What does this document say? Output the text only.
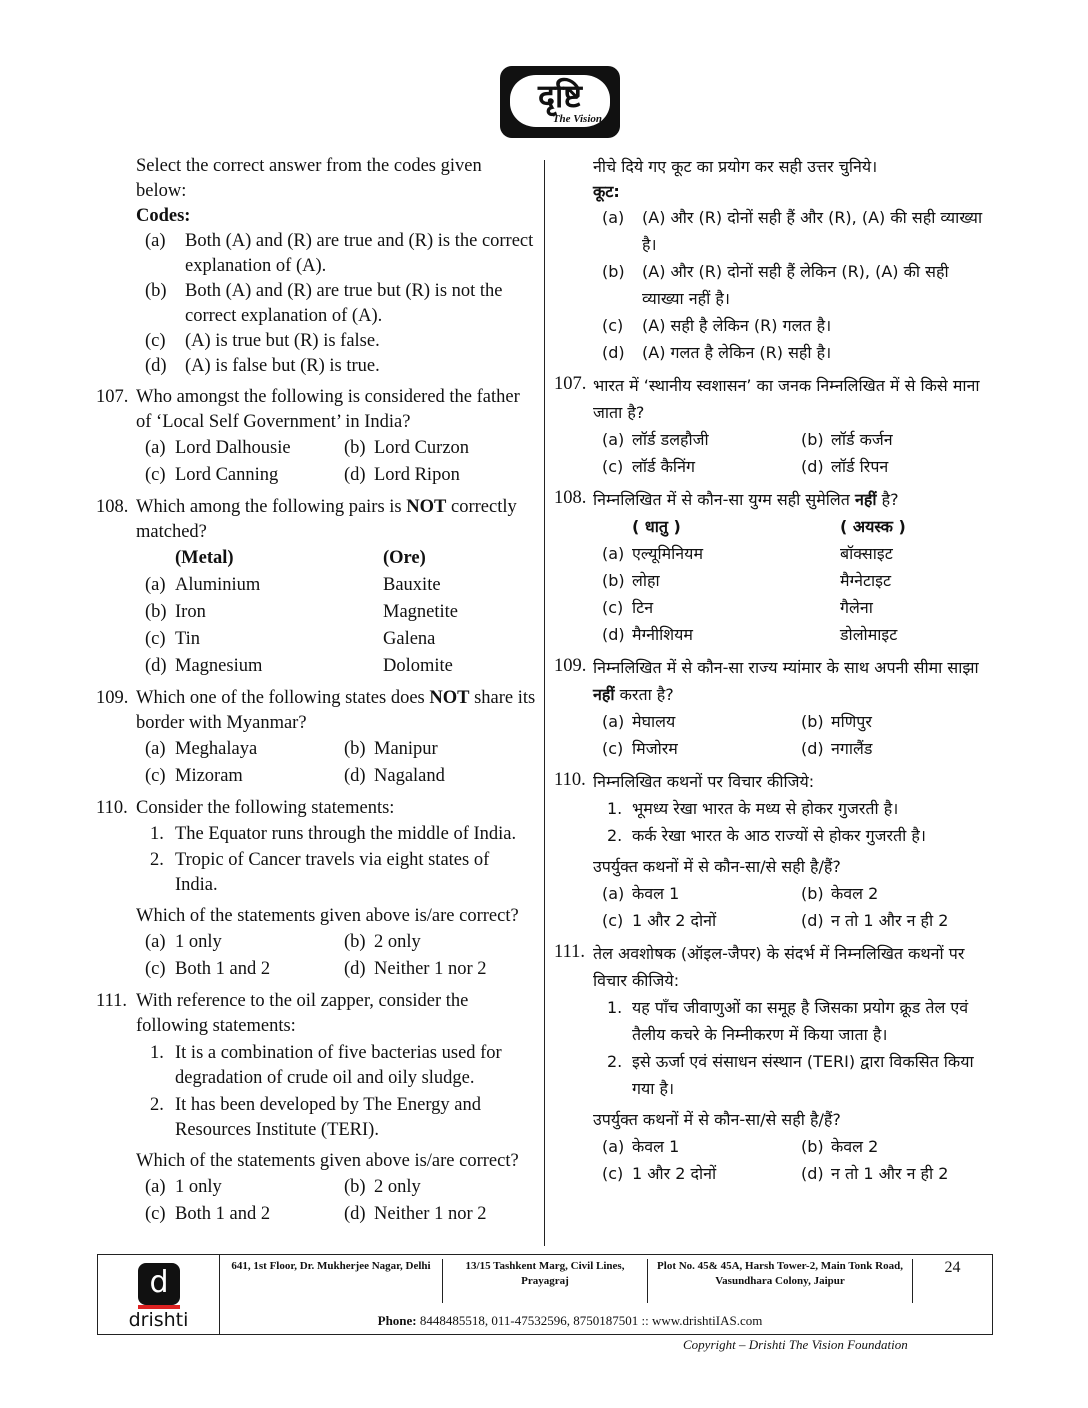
दृष्टि
The Vision
Select the correct answer from the codes given below:
Codes:
(a) Both (A) and (R) are true and (R) is the correct explanation of (A).
(b) Both (A) and (R) are true but (R) is not the correct explanation of (A).
(c) (A) is true but (R) is false.
(d) (A) is false but (R) is true.
107. Who amongst the following is considered the father of ‘Local Self Government’ in India?
(a) Lord Dalhousie	(b) Lord Curzon
(c) Lord Canning	(d) Lord Ripon
108. Which among the following pairs is NOT correctly matched?
(Metal)	(Ore)
(a) Aluminium	Bauxite
(b) Iron	Magnetite
(c) Tin	Galena
(d) Magnesium	Dolomite
109. Which one of the following states does NOT share its border with Myanmar?
(a) Meghalaya	(b) Manipur
(c) Mizoram	(d) Nagaland
110. Consider the following statements:
1. The Equator runs through the middle of India.
2. Tropic of Cancer travels via eight states of India.
Which of the statements given above is/are correct?
(a) 1 only	(b) 2 only
(c) Both 1 and 2	(d) Neither 1 nor 2
111. With reference to the oil zapper, consider the following statements:
1. It is a combination of five bacterias used for degradation of crude oil and oily sludge.
2. It has been developed by The Energy and Resources Institute (TERI).
Which of the statements given above is/are correct?
(a) 1 only	(b) 2 only
(c) Both 1 and 2	(d) Neither 1 nor 2
नीचे दिये गए कूट का प्रयोग कर सही उत्तर चुनिये।
कूट:
(a) (A) और (R) दोनों सही हैं और (R), (A) की सही व्याख्या है।
(b) (A) और (R) दोनों सही हैं लेकिन (R), (A) की सही व्याख्या नहीं है।
(c) (A) सही है लेकिन (R) गलत है।
(d) (A) गलत है लेकिन (R) सही है।
107. भारत में ‘स्थानीय स्वशासन’ का जनक निम्नलिखित में से किसे माना जाता है?
(a) लॉर्ड डलहौजी	(b) लॉर्ड कर्जन
(c) लॉर्ड कैनिंग	(d) लॉर्ड रिपन
108. निम्नलिखित में से कौन-सा युग्म सही सुमेलित नहीं है?
( धातु )	( अयस्क )
(a) एल्यूमिनियम	बॉक्साइट
(b) लोहा	मैग्नेटाइट
(c) टिन	गैलेना
(d) मैग्नीशियम	डोलोमाइट
109. निम्नलिखित में से कौन-सा राज्य म्यांमार के साथ अपनी सीमा साझा नहीं करता है?
(a) मेघालय	(b) मणिपुर
(c) मिजोरम	(d) नगालैंड
110. निम्नलिखित कथनों पर विचार कीजिये:
1. भूमध्य रेखा भारत के मध्य से होकर गुजरती है।
2. कर्क रेखा भारत के आठ राज्यों से होकर गुजरती है।
उपर्युक्त कथनों में से कौन-सा/से सही है/हैं?
(a) केवल 1	(b) केवल 2
(c) 1 और 2 दोनों	(d) न तो 1 और न ही 2
111. तेल अवशोषक (ऑइल-जैपर) के संदर्भ में निम्नलिखित कथनों पर विचार कीजिये:
1. यह पाँच जीवाणुओं का समूह है जिसका प्रयोग क्रूड तेल एवं तैलीय कचरे के निम्नीकरण में किया जाता है।
2. इसे ऊर्जा एवं संसाधन संस्थान (TERI) द्वारा विकसित किया गया है।
उपर्युक्त कथनों में से कौन-सा/से सही है/हैं?
(a) केवल 1	(b) केवल 2
(c) 1 और 2 दोनों	(d) न तो 1 और न ही 2
d
drishti
641, 1st Floor, Dr. Mukherjee Nagar, Delhi	13/15 Tashkent Marg, Civil Lines, Prayagraj
Plot No. 45& 45A, Harsh Tower-2, Main Tonk Road, Vasundhara Colony, Jaipur
24
Phone: 8448485518, 011-47532596, 8750187501 :: www.drishtiIAS.com
Copyright – Drishti The Vision Foundation
